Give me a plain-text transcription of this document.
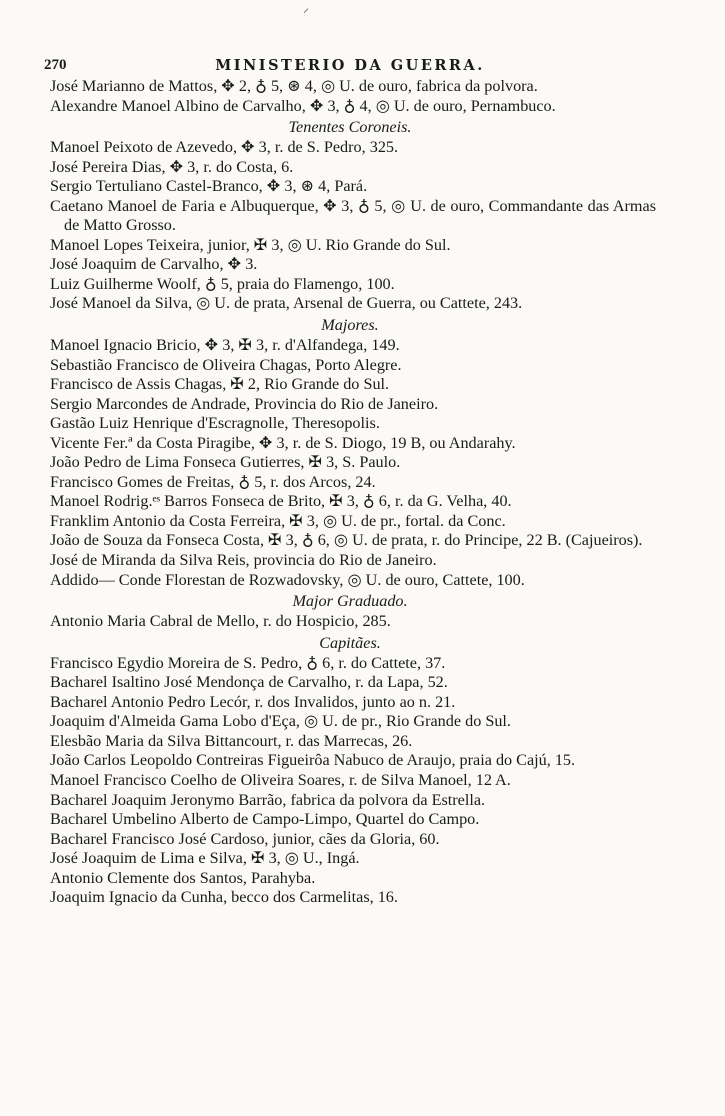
⸍
270	MINISTERIO DA GUERRA.
José Marianno de Mattos, ✥ 2, ♁ 5, ⊛ 4, ◎ U. de ouro, fabrica da polvora.
Alexandre Manoel Albino de Carvalho, ✥ 3, ♁ 4, ◎ U. de ouro, Pernambuco.
Tenentes Coroneis.
Manoel Peixoto de Azevedo, ✥ 3, r. de S. Pedro, 325.
José Pereira Dias, ✥ 3, r. do Costa, 6.
Sergio Tertuliano Castel-Branco, ✥ 3, ⊛ 4, Pará.
Caetano Manoel de Faria e Albuquerque, ✥ 3, ♁ 5, ◎ U. de ouro, Commandante das Armas de Matto Grosso.
Manoel Lopes Teixeira, junior, ✠ 3, ◎ U. Rio Grande do Sul.
José Joaquim de Carvalho, ✥ 3.
Luiz Guilherme Woolf, ♁ 5, praia do Flamengo, 100.
José Manoel da Silva, ◎ U. de prata, Arsenal de Guerra, ou Cattete, 243.
Majores.
Manoel Ignacio Bricio, ✥ 3, ✠ 3, r. d'Alfandega, 149.
Sebastião Francisco de Oliveira Chagas, Porto Alegre.
Francisco de Assis Chagas, ✠ 2, Rio Grande do Sul.
Sergio Marcondes de Andrade, Provincia do Rio de Janeiro.
Gastão Luiz Henrique d'Escragnolle, Theresopolis.
Vicente Fer.ª da Costa Piragibe, ✥ 3, r. de S. Diogo, 19 B, ou Andarahy.
João Pedro de Lima Fonseca Gutierres, ✠ 3, S. Paulo.
Francisco Gomes de Freitas, ♁ 5, r. dos Arcos, 24.
Manoel Rodrig.ᵉˢ Barros Fonseca de Brito, ✠ 3, ♁ 6, r. da G. Velha, 40.
Franklim Antonio da Costa Ferreira, ✠ 3, ◎ U. de pr., fortal. da Conc.
João de Souza da Fonseca Costa, ✠ 3, ♁ 6, ◎ U. de prata, r. do Principe, 22 B. (Cajueiros).
José de Miranda da Silva Reis, provincia do Rio de Janeiro.
Addido— Conde Florestan de Rozwadovsky, ◎ U. de ouro, Cattete, 100.
Major Graduado.
Antonio Maria Cabral de Mello, r. do Hospicio, 285.
Capitães.
Francisco Egydio Moreira de S. Pedro, ♁ 6, r. do Cattete, 37.
Bacharel Isaltino José Mendonça de Carvalho, r. da Lapa, 52.
Bacharel Antonio Pedro Lecór, r. dos Invalidos, junto ao n. 21.
Joaquim d'Almeida Gama Lobo d'Eça, ◎ U. de pr., Rio Grande do Sul.
Elesbão Maria da Silva Bittancourt, r. das Marrecas, 26.
João Carlos Leopoldo Contreiras Figueirôa Nabuco de Araujo, praia do Cajú, 15.
Manoel Francisco Coelho de Oliveira Soares, r. de Silva Manoel, 12 A.
Bacharel Joaquim Jeronymo Barrão, fabrica da polvora da Estrella.
Bacharel Umbelino Alberto de Campo-Limpo, Quartel do Campo.
Bacharel Francisco José Cardoso, junior, cães da Gloria, 60.
José Joaquim de Lima e Silva, ✠ 3, ◎ U., Ingá.
Antonio Clemente dos Santos, Parahyba.
Joaquim Ignacio da Cunha, becco dos Carmelitas, 16.
